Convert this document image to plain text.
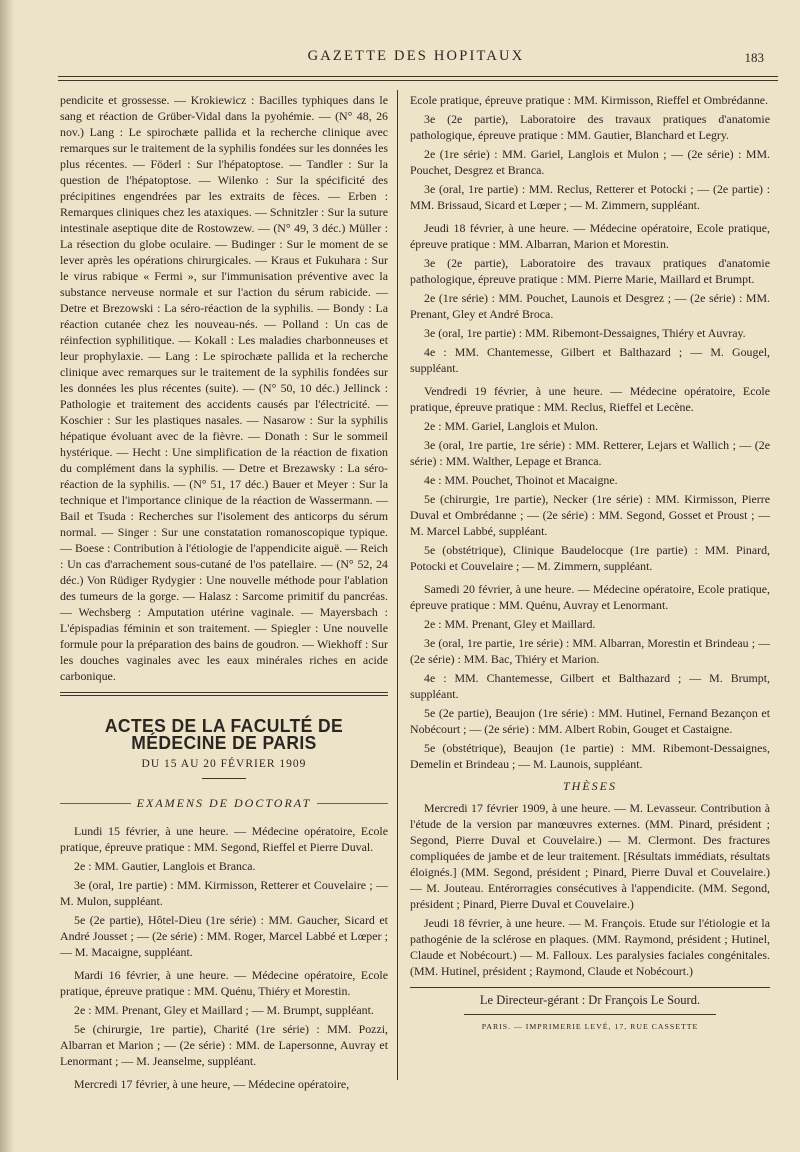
GAZETTE DES HOPITAUX	183

pendicite et grossesse. — Krokiewicz : Bacilles typhiques dans le sang et réaction de Grüber-Vidal dans la pyohémie. — (N° 48, 26 nov.) Lang : Le spirochæte pallida et la recherche clinique avec remarques sur le traitement de la syphilis fondées sur les données les plus récentes. — Föderl : Sur l'hépatoptose. — Tandler : Sur la question de l'hépatoptose. — Wilenko : Sur la spécificité des précipitines engendrées par les extraits de fèces. — Erben : Remarques cliniques chez les ataxiques. — Schnitzler : Sur la suture intestinale aseptique dite de Rostowzew. — (N° 49, 3 déc.) Müller : La résection du globe oculaire. — Budinger : Sur le moment de se lever après les opérations chirurgicales. — Kraus et Fukuhara : Sur le virus rabique « Fermi », sur l'immunisation préventive avec la substance nerveuse normale et sur l'action du sérum rabicide. — Detre et Brezowski : La séro-réaction de la syphilis. — Bondy : La réaction cutanée chez les nouveau-nés. — Polland : Un cas de réinfection syphilitique. — Kokall : Les maladies charbonneuses et leur prophylaxie. — Lang : Le spirochæte pallida et la recherche clinique avec remarques sur le traitement de la syphilis fondées sur les données les plus récentes (suite). — (N° 50, 10 déc.) Jellinck : Pathologie et traitement des accidents causés par l'électricité. — Koschier : Sur les plastiques nasales. — Nasarow : Sur la syphilis hépatique évoluant avec de la fièvre. — Donath : Sur le sommeil hystérique. — Hecht : Une simplification de la réaction de fixation du complément dans la syphilis. — Detre et Brezawsky : La séro-réaction de la syphilis. — (N° 51, 17 déc.) Bauer et Meyer : Sur la technique et l'importance clinique de la réaction de Wassermann. — Bail et Tsuda : Recherches sur l'isolement des anticorps du sérum normal. — Singer : Sur une constatation romanoscopique typique. — Boese : Contribution à l'étiologie de l'appendicite aiguë. — Reich : Un cas d'arrachement sous-cutané de l'os patellaire. — (N° 52, 24 déc.) Von Rüdiger Rydygier : Une nouvelle méthode pour l'ablation des tumeurs de la gorge. — Halasz : Sarcome primitif du pancréas. — Wechsberg : Amputation utérine vaginale. — Mayersbach : L'épispadias féminin et son traitement. — Spiegler : Une nouvelle formule pour la préparation des bains de goudron. — Wiekhoff : Sur les douches vaginales avec les eaux minérales riches en acide carbonique.

ACTES DE LA FACULTÉ DE MÉDECINE DE PARIS
DU 15 AU 20 FÉVRIER 1909
EXAMENS DE DOCTORAT

Lundi 15 février, à une heure. — Médecine opératoire, Ecole pratique, épreuve pratique : MM. Segond, Rieffel et Pierre Duval.

2e : MM. Gautier, Langlois et Branca.

3e (oral, 1re partie) : MM. Kirmisson, Retterer et Couvelaire ; — M. Mulon, suppléant.

5e (2e partie), Hôtel-Dieu (1re série) : MM. Gaucher, Sicard et André Jousset ; — (2e série) : MM. Roger, Marcel Labbé et Lœper ; — M. Macaigne, suppléant.

Mardi 16 février, à une heure. — Médecine opératoire, Ecole pratique, épreuve pratique : MM. Quénu, Thiéry et Morestin.

2e : MM. Prenant, Gley et Maillard ; — M. Brumpt, suppléant.

5e (chirurgie, 1re partie), Charité (1re série) : MM. Pozzi, Albarran et Marion ; — (2e série) : MM. de Lapersonne, Auvray et Lenormant ; — M. Jeanselme, suppléant.

Mercredi 17 février, à une heure, — Médecine opératoire,

Ecole pratique, épreuve pratique : MM. Kirmisson, Rieffel et Ombrédanne.

3e (2e partie), Laboratoire des travaux pratiques d'anatomie pathologique, épreuve pratique : MM. Gautier, Blanchard et Legry.

2e (1re série) : MM. Gariel, Langlois et Mulon ; — (2e série) : MM. Pouchet, Desgrez et Branca.

3e (oral, 1re partie) : MM. Reclus, Retterer et Potocki ; — (2e partie) : MM. Brissaud, Sicard et Lœper ; — M. Zimmern, suppléant.

Jeudi 18 février, à une heure. — Médecine opératoire, Ecole pratique, épreuve pratique : MM. Albarran, Marion et Morestin.

3e (2e partie), Laboratoire des travaux pratiques d'anatomie pathologique, épreuve pratique : MM. Pierre Marie, Maillard et Brumpt.

2e (1re série) : MM. Pouchet, Launois et Desgrez ; — (2e série) : MM. Prenant, Gley et André Broca.

3e (oral, 1re partie) : MM. Ribemont-Dessaignes, Thiéry et Auvray.

4e : MM. Chantemesse, Gilbert et Balthazard ; — M. Gougel, suppléant.

Vendredi 19 février, à une heure. — Médecine opératoire, Ecole pratique, épreuve pratique : MM. Reclus, Rieffel et Lecène.

2e : MM. Gariel, Langlois et Mulon.

3e (oral, 1re partie, 1re série) : MM. Retterer, Lejars et Wallich ; — (2e série) : MM. Walther, Lepage et Branca.

4e : MM. Pouchet, Thoinot et Macaigne.

5e (chirurgie, 1re partie), Necker (1re série) : MM. Kirmisson, Pierre Duval et Ombrédanne ; — (2e série) : MM. Segond, Gosset et Proust ; — M. Marcel Labbé, suppléant.

5e (obstétrique), Clinique Baudelocque (1re partie) : MM. Pinard, Potocki et Couvelaire ; — M. Zimmern, suppléant.

Samedi 20 février, à une heure. — Médecine opératoire, Ecole pratique, épreuve pratique : MM. Quénu, Auvray et Lenormant.

2e : MM. Prenant, Gley et Maillard.

3e (oral, 1re partie, 1re série) : MM. Albarran, Morestin et Brindeau ; — (2e série) : MM. Bac, Thiéry et Marion.

4e : MM. Chantemesse, Gilbert et Balthazard ; — M. Brumpt, suppléant.

5e (2e partie), Beaujon (1re série) : MM. Hutinel, Fernand Bezançon et Nobécourt ; — (2e série) : MM. Albert Robin, Gouget et Castaigne.

5e (obstétrique), Beaujon (1e partie) : MM. Ribemont-Dessaignes, Demelin et Brindeau ; — M. Launois, suppléant.

THÈSES

Mercredi 17 février 1909, à une heure. — M. Levasseur. Contribution à l'étude de la version par manœuvres externes. (MM. Pinard, président ; Segond, Pierre Duval et Couvelaire.) — M. Clermont. Des fractures compliquées de jambe et de leur traitement. [Résultats immédiats, résultats éloignés.] (MM. Segond, président ; Pinard, Pierre Duval et Couvelaire.) — M. Jouteau. Entérorragies consécutives à l'appendicite. (MM. Segond, président ; Pinard, Pierre Duval et Couvelaire.)

Jeudi 18 février, à une heure. — M. François. Etude sur l'étiologie et la pathogénie de la sclérose en plaques. (MM. Raymond, président ; Hutinel, Claude et Nobécourt.) — M. Falloux. Les paralysies faciales congénitales. (MM. Hutinel, président ; Raymond, Claude et Nobécourt.)

Le Directeur-gérant : Dr François Le Sourd.
PARIS. — IMPRIMERIE LEVÉ, 17, RUE CASSETTE
